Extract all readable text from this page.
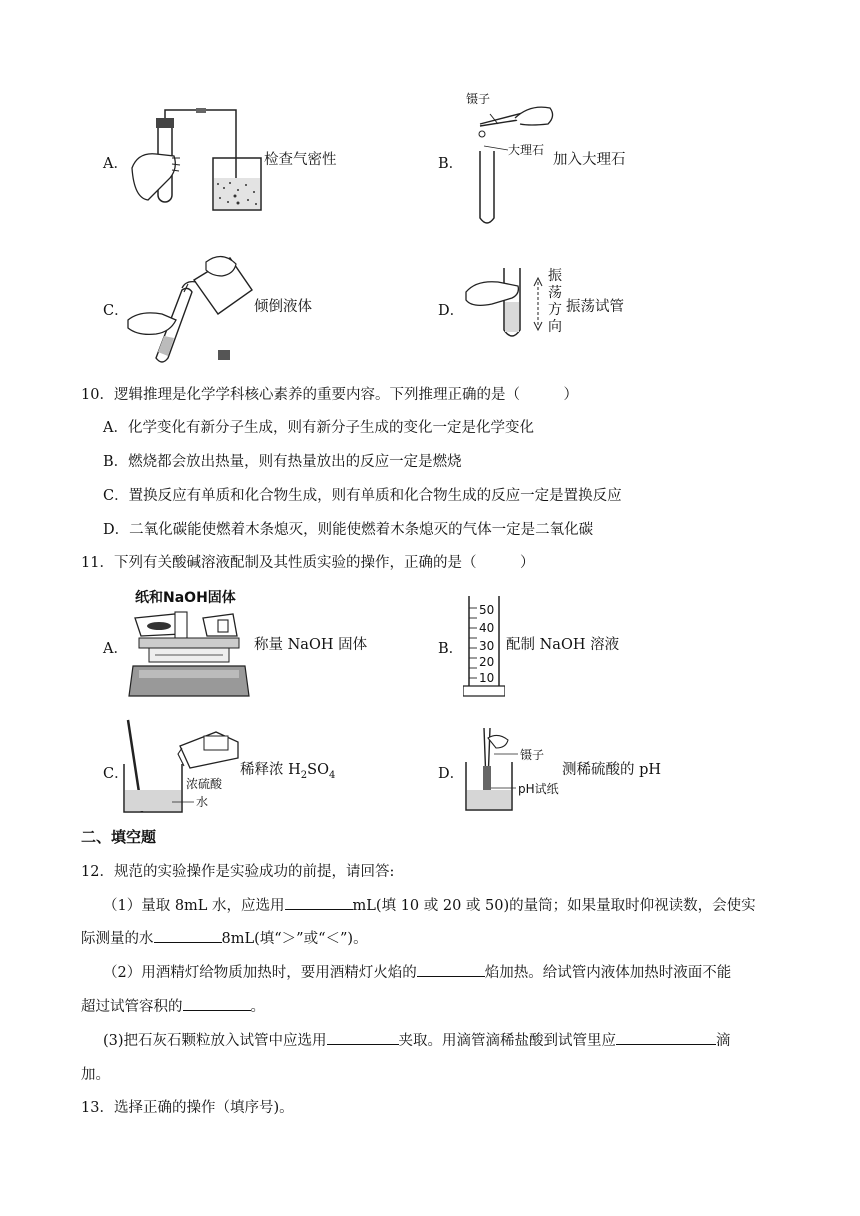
A．	检查气密性	B．
镊子
大理石
加入大理石
C．	倾倒液体	D．
振
荡
方
向
振荡试管
10．逻辑推理是化学学科核心素养的重要内容。下列推理正确的是（　　　）
A．化学变化有新分子生成，则有新分子生成的变化一定是化学变化
B．燃烧都会放出热量，则有热量放出的反应一定是燃烧
C．置换反应有单质和化合物生成，则有单质和化合物生成的反应一定是置换反应
D．二氧化碳能使燃着木条熄灭，则能使燃着木条熄灭的气体一定是二氧化碳
11．下列有关酸碱溶液配制及其性质实验的操作，正确的是（　　　）
A．
纸和NaOH固体
称量 NaOH 固体	B．
50
40
30
20
10
配制 NaOH 溶液
C．
浓硫酸
水
稀释浓 $H_2SO_4$	D．
镊子
pH试纸
测稀硫酸的 pH
二、填空题
12．规范的实验操作是实验成功的前提，请回答:
（1）量取 8mL 水，应选用	mL(填 10 或 20 或 50)的量筒；如果量取时仰视读数，会使实
际测量的水	8mL(填“＞”或“＜”)。
（2）用酒精灯给物质加热时，要用酒精灯火焰的	焰加热。给试管内液体加热时液面不能
超过试管容积的	。
(3)把石灰石颗粒放入试管中应选用	夹取。用滴管滴稀盐酸到试管里应	滴
加。
13．选择正确的操作（填序号)。
